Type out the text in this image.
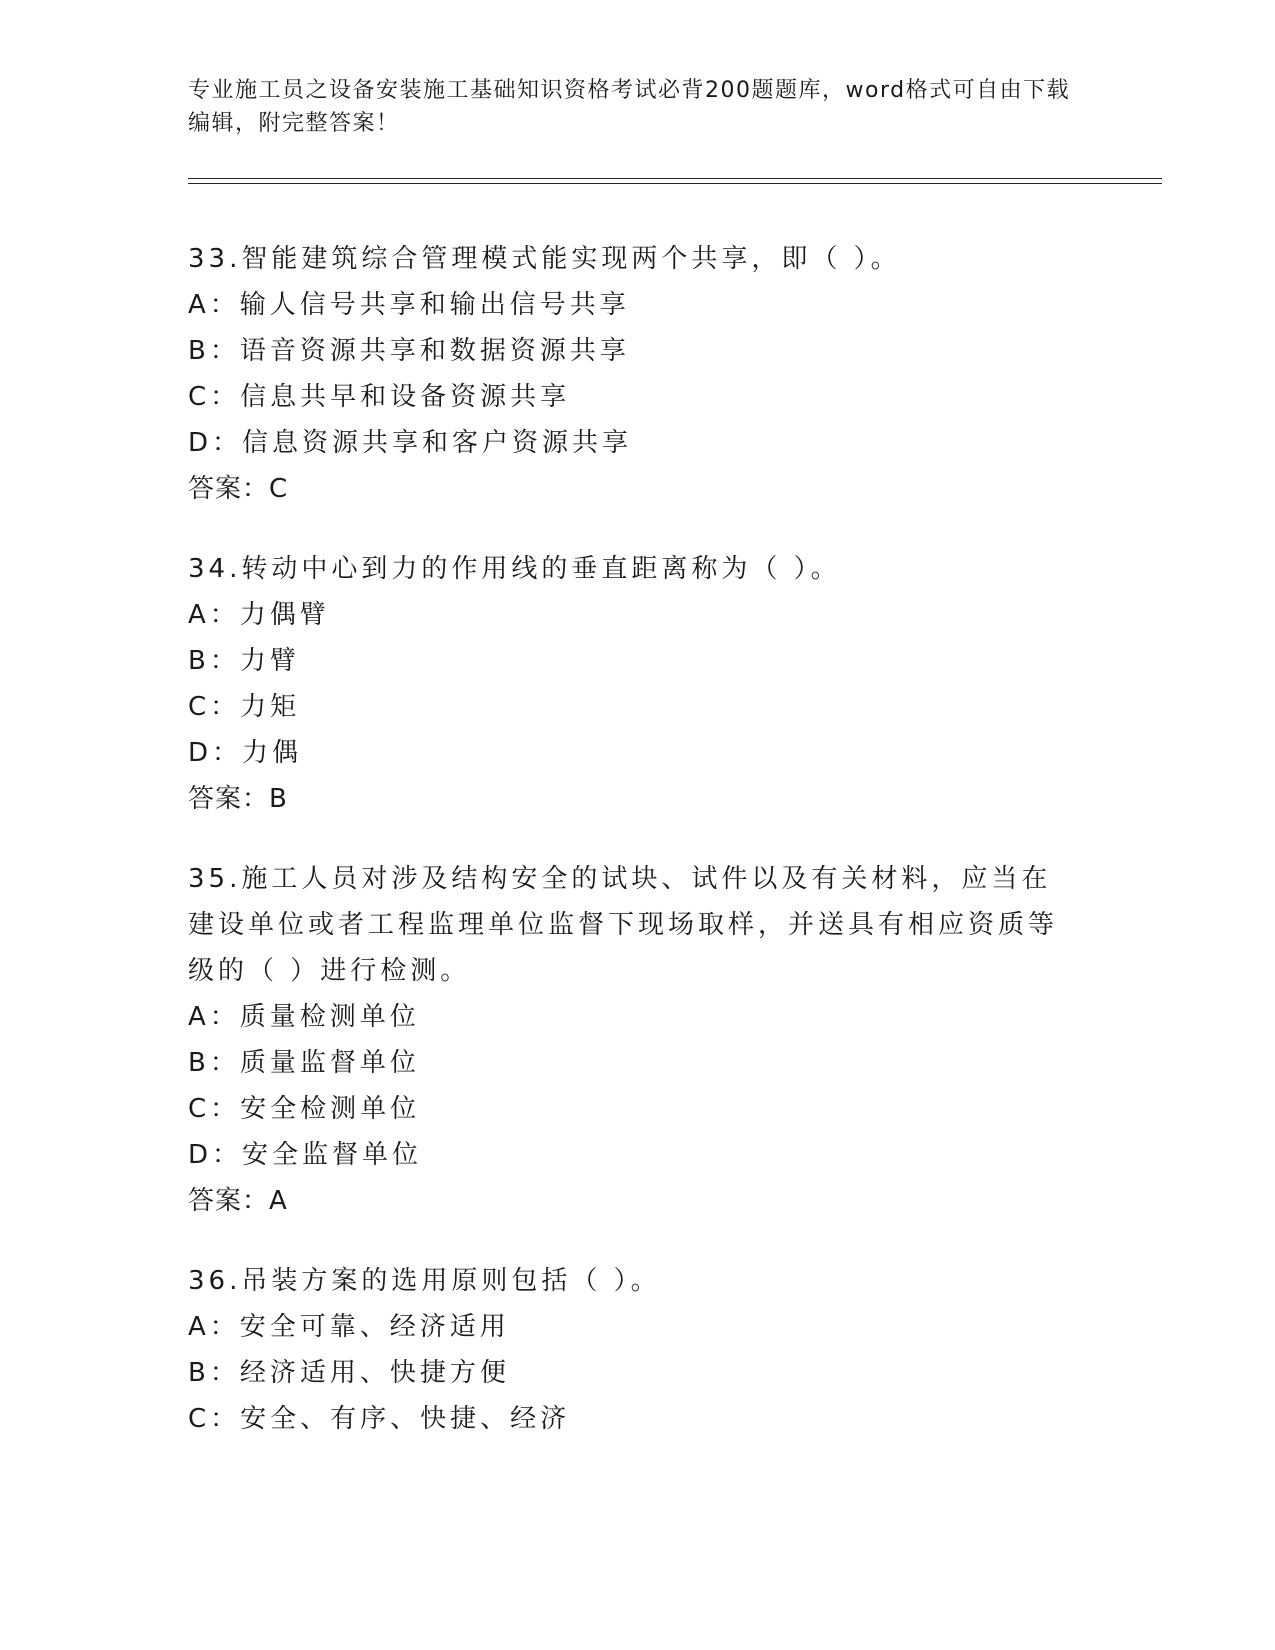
专业施工员之设备安装施工基础知识资格考试必背200题题库，word格式可自由下载编辑，附完整答案！
33.智能建筑综合管理模式能实现两个共享，即（ ）。
A：输人信号共享和输出信号共享
B：语音资源共享和数据资源共享
C：信息共早和设备资源共享
D：信息资源共享和客户资源共享
答案：C
34.转动中心到力的作用线的垂直距离称为（ ）。
A：力偶臂
B：力臂
C：力矩
D：力偶
答案：B
35.施工人员对涉及结构安全的试块、试件以及有关材料，应当在建设单位或者工程监理单位监督下现场取样，并送具有相应资质等级的（ ）进行检测。
A：质量检测单位
B：质量监督单位
C：安全检测单位
D：安全监督单位
答案：A
36.吊装方案的选用原则包括（ ）。
A：安全可靠、经济适用
B：经济适用、快捷方便
C：安全、有序、快捷、经济
